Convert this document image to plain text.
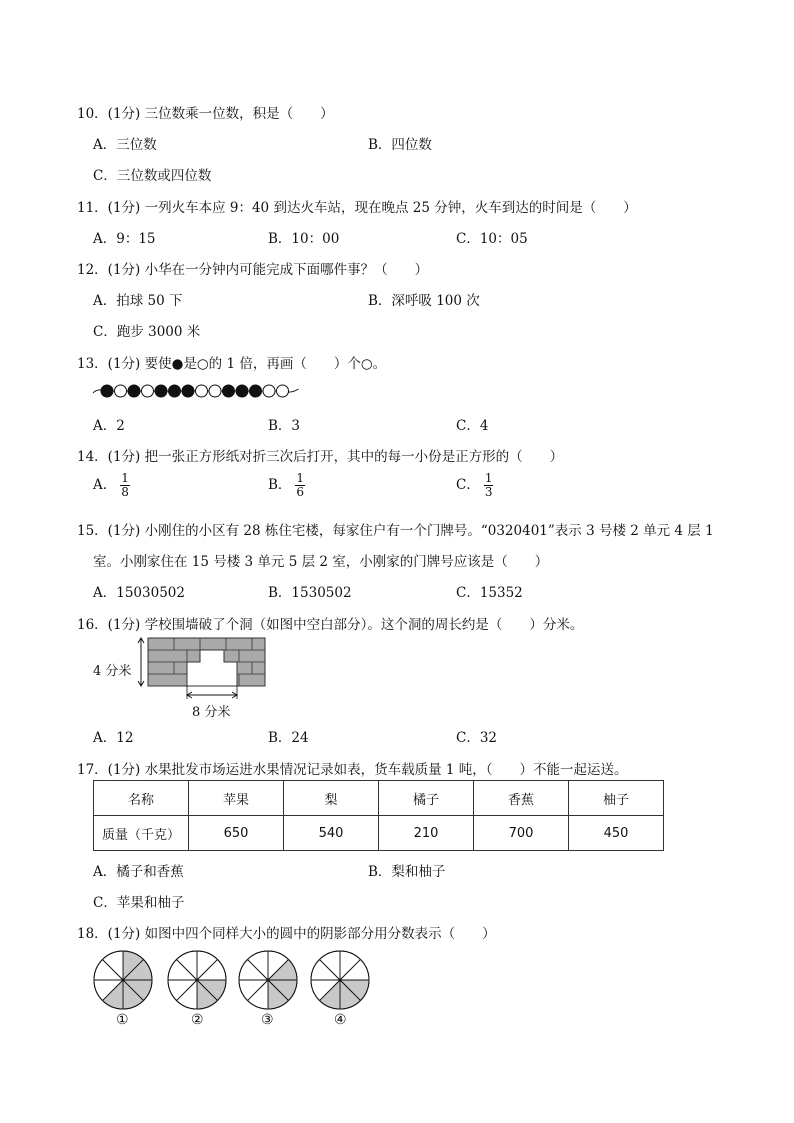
10．(1分) 三位数乘一位数，积是（　　）
A．三位数	B．四位数
C．三位数或四位数
11．(1分) 一列火车本应 9：40 到达火车站，现在晚点 25 分钟，火车到达的时间是（　　）
A．9：15	B．10：00	C．10：05
12．(1分) 小华在一分钟内可能完成下面哪件事？（　　）
A．拍球 50 下	B．深呼吸 100 次
C．跑步 3000 米
13．(1分) 要使●是○的 1 倍，再画（　　）个○。
A．2	B．3	C．4
14．(1分) 把一张正方形纸对折三次后打开，其中的每一小份是正方形的（　　）
A． $\frac{1}{8}$	B． $\frac{1}{6}$	C． $\frac{1}{3}$
15．(1分) 小刚住的小区有 28 栋住宅楼，每家住户有一个门牌号。“0320401”表示 3 号楼 2 单元 4 层 1
室。小刚家住在 15 号楼 3 单元 5 层 2 室，小刚家的门牌号应该是（　　）
A．15030502	B．1530502	C．15352
16．(1分) 学校围墙破了个洞（如图中空白部分）。这个洞的周长约是（　　）分米。
4 分米
8 分米
A．12	B．24	C．32
17．(1分) 水果批发市场运进水果情况记录如表，货车载质量 1 吨，（　　）不能一起运送。
名称	苹果	梨	橘子	香蕉	柚子
质量（千克）	650	540	210	700	450
A．橘子和香蕉	B．梨和柚子
C．苹果和柚子
18．(1分) 如图中四个同样大小的圆中的阴影部分用分数表示（　　）
①	②	③	④
